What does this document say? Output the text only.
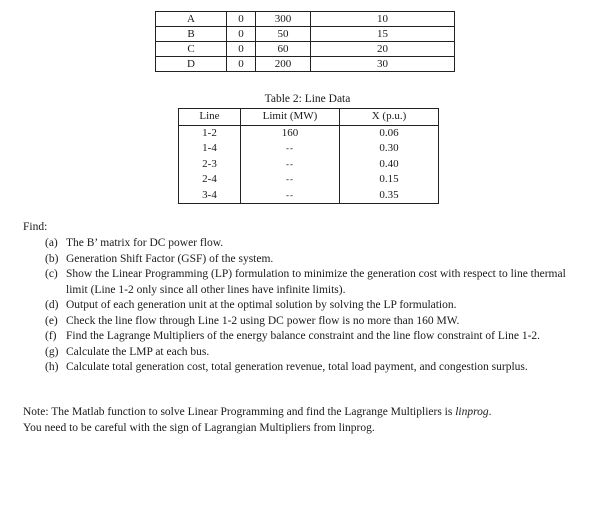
A	0	300	10
B	0	50	15
C	0	60	20
D	0	200	30
Table 2: Line Data
Line	Limit (MW)	X (p.u.)
1-2	160	0.06
1-4	--	0.30
2-3	--	0.40
2-4	--	0.15
3-4	--	0.35
Find:
(a) The B’ matrix for DC power flow.
(b) Generation Shift Factor (GSF) of the system.
(c) Show the Linear Programming (LP) formulation to minimize the generation cost with respect to line thermal limit (Line 1-2 only since all other lines have infinite limits).
(d) Output of each generation unit at the optimal solution by solving the LP formulation.
(e) Check the line flow through Line 1-2 using DC power flow is no more than 160 MW.
(f) Find the Lagrange Multipliers of the energy balance constraint and the line flow constraint of Line 1-2.
(g) Calculate the LMP at each bus.
(h) Calculate total generation cost, total generation revenue, total load payment, and congestion surplus.
Note: The Matlab function to solve Linear Programming and find the Lagrange Multipliers is linprog.
You need to be careful with the sign of Lagrangian Multipliers from linprog.
